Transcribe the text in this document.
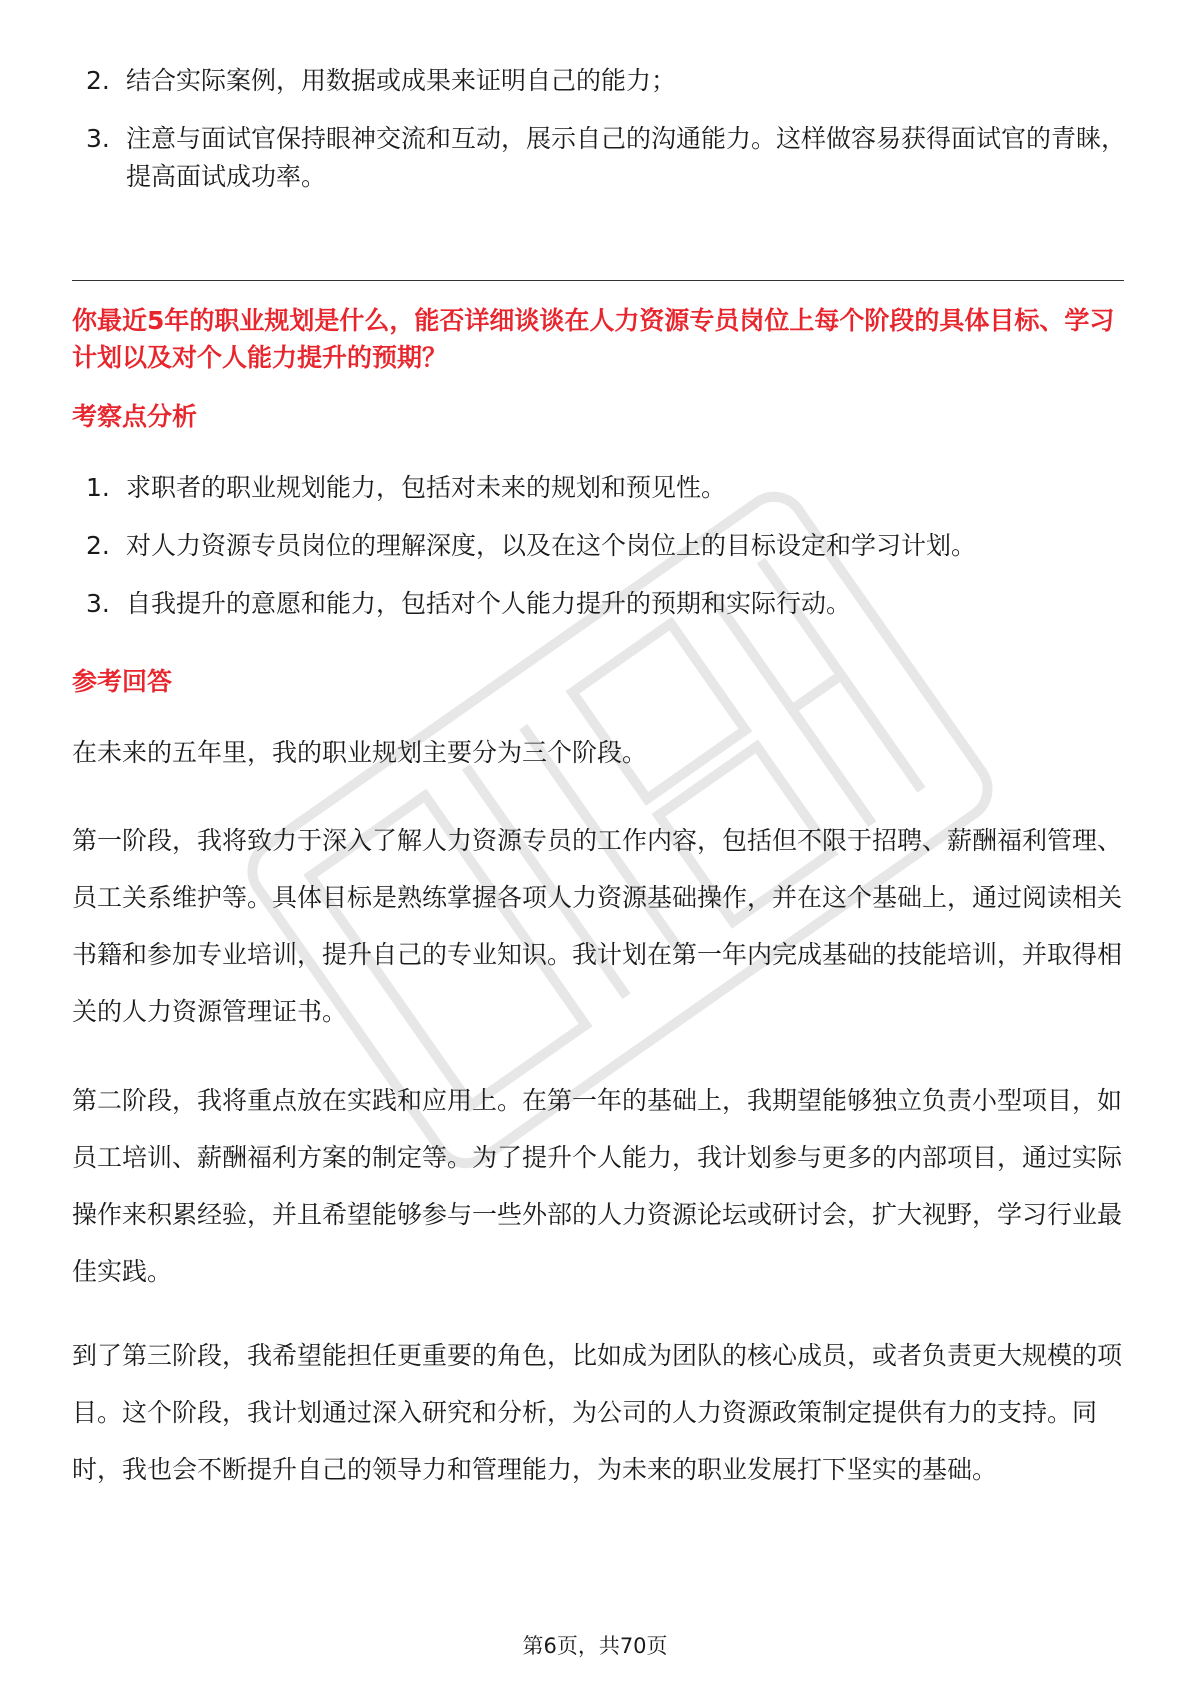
2. 结合实际案例，用数据或成果来证明自己的能力；
3. 注意与面试官保持眼神交流和互动，展示自己的沟通能力。这样做容易获得面试官的青睐，提高面试成功率。

你最近5年的职业规划是什么，能否详细谈谈在人力资源专员岗位上每个阶段的具体目标、学习计划以及对个人能力提升的预期？

考察点分析
1. 求职者的职业规划能力，包括对未来的规划和预见性。
2. 对人力资源专员岗位的理解深度，以及在这个岗位上的目标设定和学习计划。
3. 自我提升的意愿和能力，包括对个人能力提升的预期和实际行动。
参考回答

在未来的五年里，我的职业规划主要分为三个阶段。

第一阶段，我将致力于深入了解人力资源专员的工作内容，包括但不限于招聘、薪酬福利管理、员工关系维护等。具体目标是熟练掌握各项人力资源基础操作，并在这个基础上，通过阅读相关书籍和参加专业培训，提升自己的专业知识。我计划在第一年内完成基础的技能培训，并取得相关的人力资源管理证书。

第二阶段，我将重点放在实践和应用上。在第一年的基础上，我期望能够独立负责小型项目，如员工培训、薪酬福利方案的制定等。为了提升个人能力，我计划参与更多的内部项目，通过实际操作来积累经验，并且希望能够参与一些外部的人力资源论坛或研讨会，扩大视野，学习行业最佳实践。

到了第三阶段，我希望能担任更重要的角色，比如成为团队的核心成员，或者负责更大规模的项目。这个阶段，我计划通过深入研究和分析，为公司的人力资源政策制定提供有力的支持。同时，我也会不断提升自己的领导力和管理能力，为未来的职业发展打下坚实的基础。

第6页，共70页
